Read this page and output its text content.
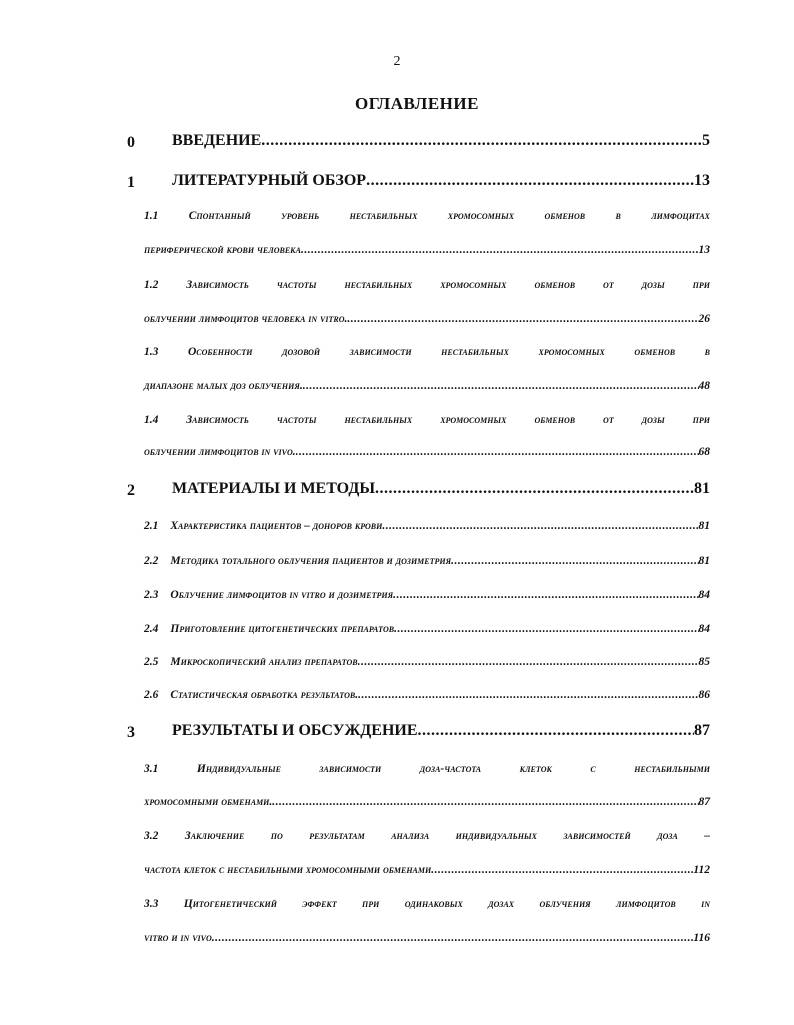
2
ОГЛАВЛЕНИЕ
0	ВВЕДЕНИЕ .....	5
1	ЛИТЕРАТУРНЫЙ ОБЗОР .....	13
1.1	Спонтанный уровень нестабильных хромосомных обменов в лимфоцитах
периферической крови человека .....	13
1.2 Зависимость частоты нестабильных хромосомных обменов от дозы при
облучении лимфоцитов человека in vitro. .....	26
1.3	Особенности дозовой зависимости нестабильных хромосомных обменов в
диапазоне малых доз облучения. .....	48
1.4 Зависимость частоты нестабильных хромосомных обменов от дозы при
облучении лимфоцитов in vivo. .....	68
2	МАТЕРИАЛЫ И МЕТОДЫ .....	81
2.1 Характеристика пациентов – доноров крови .....	81
2.2 Методика тотального облучения пациентов и дозиметрия .....	81
2.3 Облучение лимфоцитов in vitro и дозиметрия .....	84
2.4 Приготовление цитогенетических препаратов .....	84
2.5 Микроскопический анализ препаратов .....	85
2.6 Статистическая обработка результатов. .....	86
3	РЕЗУЛЬТАТЫ И ОБСУЖДЕНИЕ .....	87
3.1	Индивидуальные зависимости доза-частота клеток с нестабильными
хромосомными обменами. .....	87
3.2 Заключение по результатам анализа индивидуальных зависимостей доза –
частота клеток с нестабильными хромосомными обменами .....	112
3.3 Цитогенетический эффект при одинаковых дозах облучения лимфоцитов in
vitro и in vivo .....	116
